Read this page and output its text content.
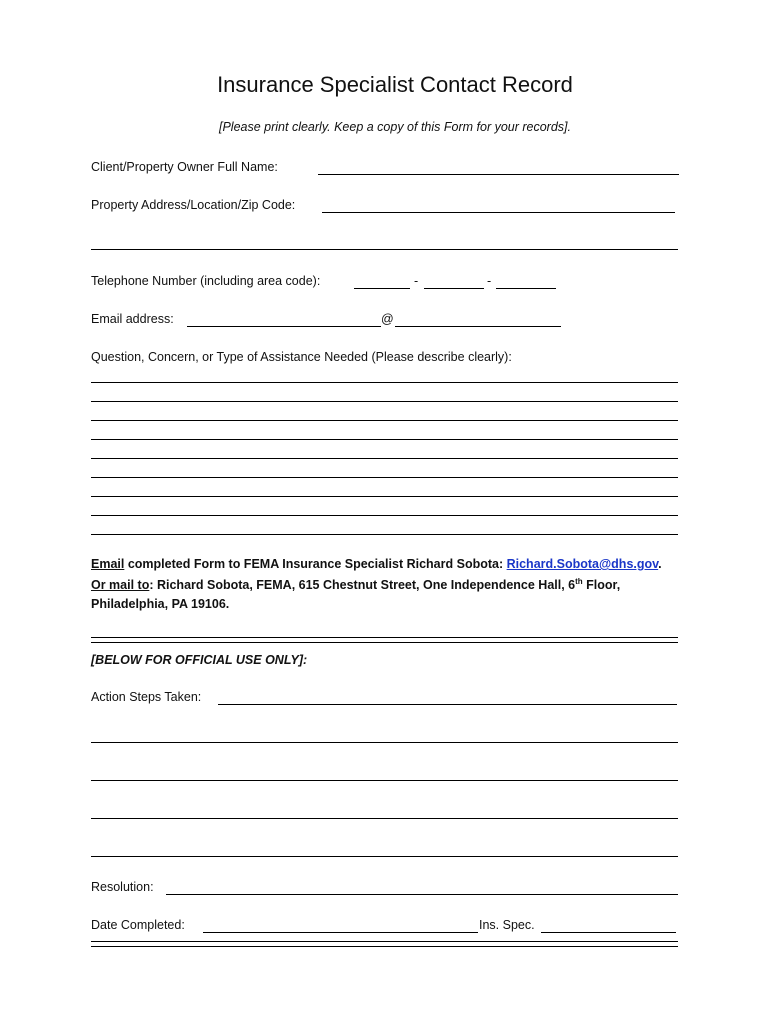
Insurance Specialist Contact Record
[Please print clearly. Keep a copy of this Form for your records].
Client/Property Owner Full Name:
Property Address/Location/Zip Code:
Telephone Number (including area code):	-	-
Email address:	@
Question, Concern, or Type of Assistance Needed (Please describe clearly):
Email completed Form to FEMA Insurance Specialist Richard Sobota: Richard.Sobota@dhs.gov.
Or mail to: Richard Sobota, FEMA, 615 Chestnut Street, One Independence Hall, 6th Floor,
Philadelphia, PA 19106.
[BELOW FOR OFFICIAL USE ONLY]:
Action Steps Taken:
Resolution:
Date Completed:	Ins. Spec.
